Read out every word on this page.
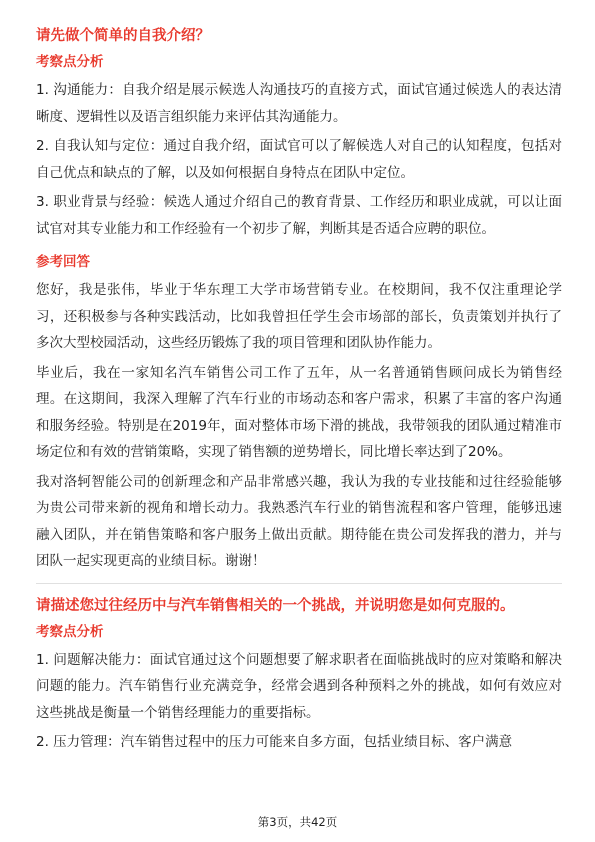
请先做个简单的自我介绍？
考察点分析
1. 沟通能力：自我介绍是展示候选人沟通技巧的直接方式，面试官通过候选人的表达清晰度、逻辑性以及语言组织能力来评估其沟通能力。
2. 自我认知与定位：通过自我介绍，面试官可以了解候选人对自己的认知程度，包括对自己优点和缺点的了解，以及如何根据自身特点在团队中定位。
3. 职业背景与经验：候选人通过介绍自己的教育背景、工作经历和职业成就，可以让面试官对其专业能力和工作经验有一个初步了解，判断其是否适合应聘的职位。
参考回答
您好，我是张伟，毕业于华东理工大学市场营销专业。在校期间，我不仅注重理论学习，还积极参与各种实践活动，比如我曾担任学生会市场部的部长，负责策划并执行了多次大型校园活动，这些经历锻炼了我的项目管理和团队协作能力。
毕业后，我在一家知名汽车销售公司工作了五年，从一名普通销售顾问成长为销售经理。在这期间，我深入理解了汽车行业的市场动态和客户需求，积累了丰富的客户沟通和服务经验。特别是在2019年，面对整体市场下滑的挑战，我带领我的团队通过精准市场定位和有效的营销策略，实现了销售额的逆势增长，同比增长率达到了20%。
我对洛轲智能公司的创新理念和产品非常感兴趣，我认为我的专业技能和过往经验能够为贵公司带来新的视角和增长动力。我熟悉汽车行业的销售流程和客户管理，能够迅速融入团队，并在销售策略和客户服务上做出贡献。期待能在贵公司发挥我的潜力，并与团队一起实现更高的业绩目标。谢谢！
请描述您过往经历中与汽车销售相关的一个挑战，并说明您是如何克服的。
考察点分析
1. 问题解决能力：面试官通过这个问题想要了解求职者在面临挑战时的应对策略和解决问题的能力。汽车销售行业充满竞争，经常会遇到各种预料之外的挑战，如何有效应对这些挑战是衡量一个销售经理能力的重要指标。
2. 压力管理：汽车销售过程中的压力可能来自多方面，包括业绩目标、客户满意
第3页，共42页
